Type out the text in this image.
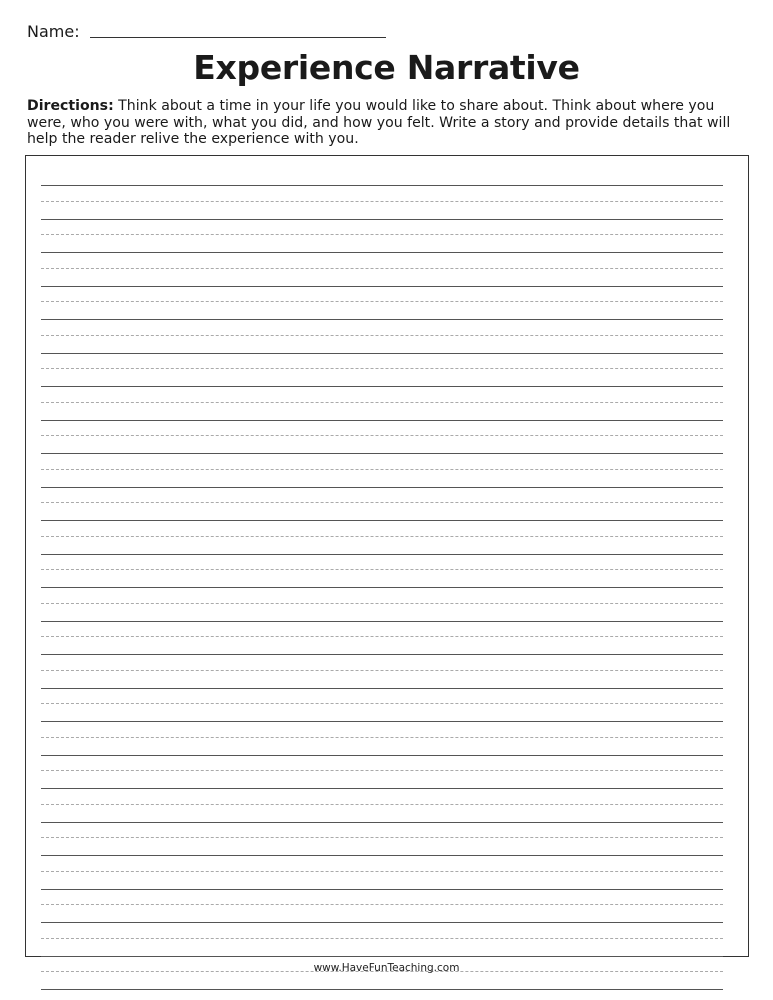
Name:
Experience Narrative
Directions: Think about a time in your life you would like to share about. Think about where you were, who you were with, what you did, and how you felt. Write a story and provide details that will help the reader relive the experience with you.
www.HaveFunTeaching.com
